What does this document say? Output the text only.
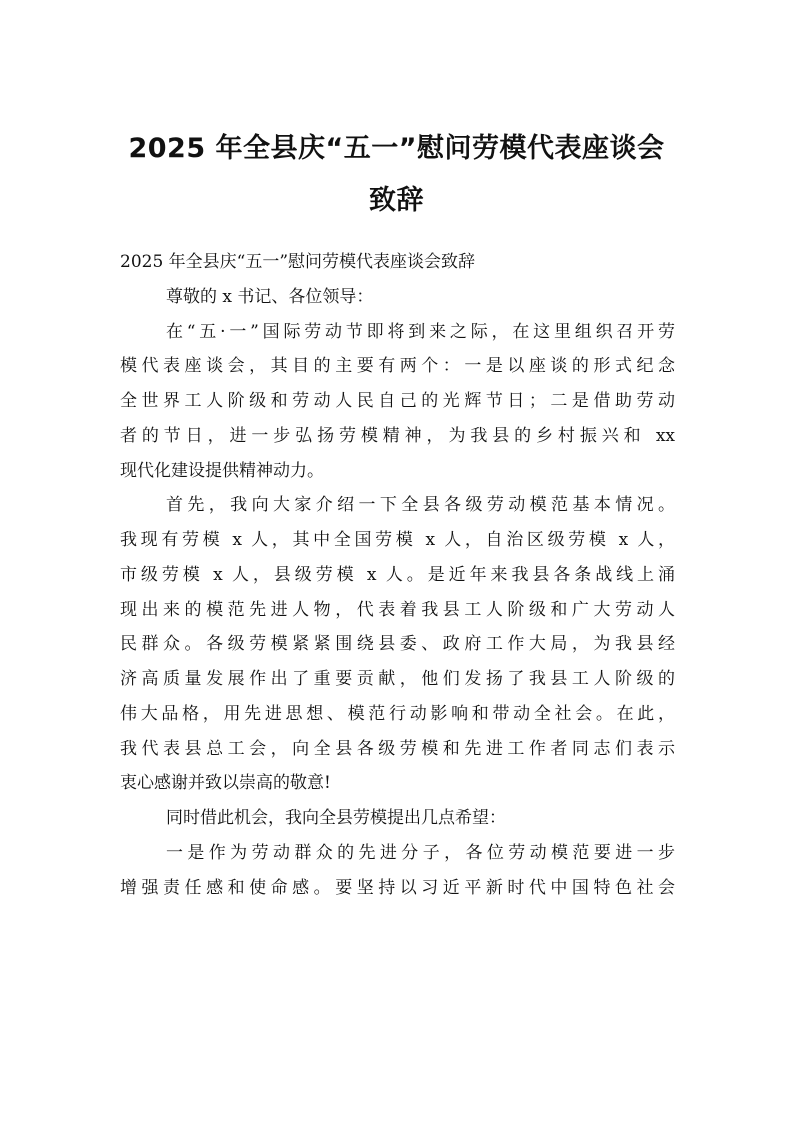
2025 年全县庆“五一”慰问劳模代表座谈会
致辞
2025 年全县庆“五一”慰问劳模代表座谈会致辞
尊敬的 x 书记、各位领导：
在“五·一”国际劳动节即将到来之际，在这里组织召开劳
模代表座谈会，其目的主要有两个：一是以座谈的形式纪念
全世界工人阶级和劳动人民自己的光辉节日；二是借助劳动
者的节日，进一步弘扬劳模精神，为我县的乡村振兴和 xx
现代化建设提供精神动力。
首先，我向大家介绍一下全县各级劳动模范基本情况。
我现有劳模 x 人，其中全国劳模 x 人，自治区级劳模 x 人，
市级劳模 x 人，县级劳模 x 人。是近年来我县各条战线上涌
现出来的模范先进人物，代表着我县工人阶级和广大劳动人
民群众。各级劳模紧紧围绕县委、政府工作大局，为我县经
济高质量发展作出了重要贡献，他们发扬了我县工人阶级的
伟大品格，用先进思想、模范行动影响和带动全社会。在此，
我代表县总工会，向全县各级劳模和先进工作者同志们表示
衷心感谢并致以崇高的敬意!
同时借此机会，我向全县劳模提出几点希望：
一是作为劳动群众的先进分子，各位劳动模范要进一步
增强责任感和使命感。要坚持以习近平新时代中国特色社会
